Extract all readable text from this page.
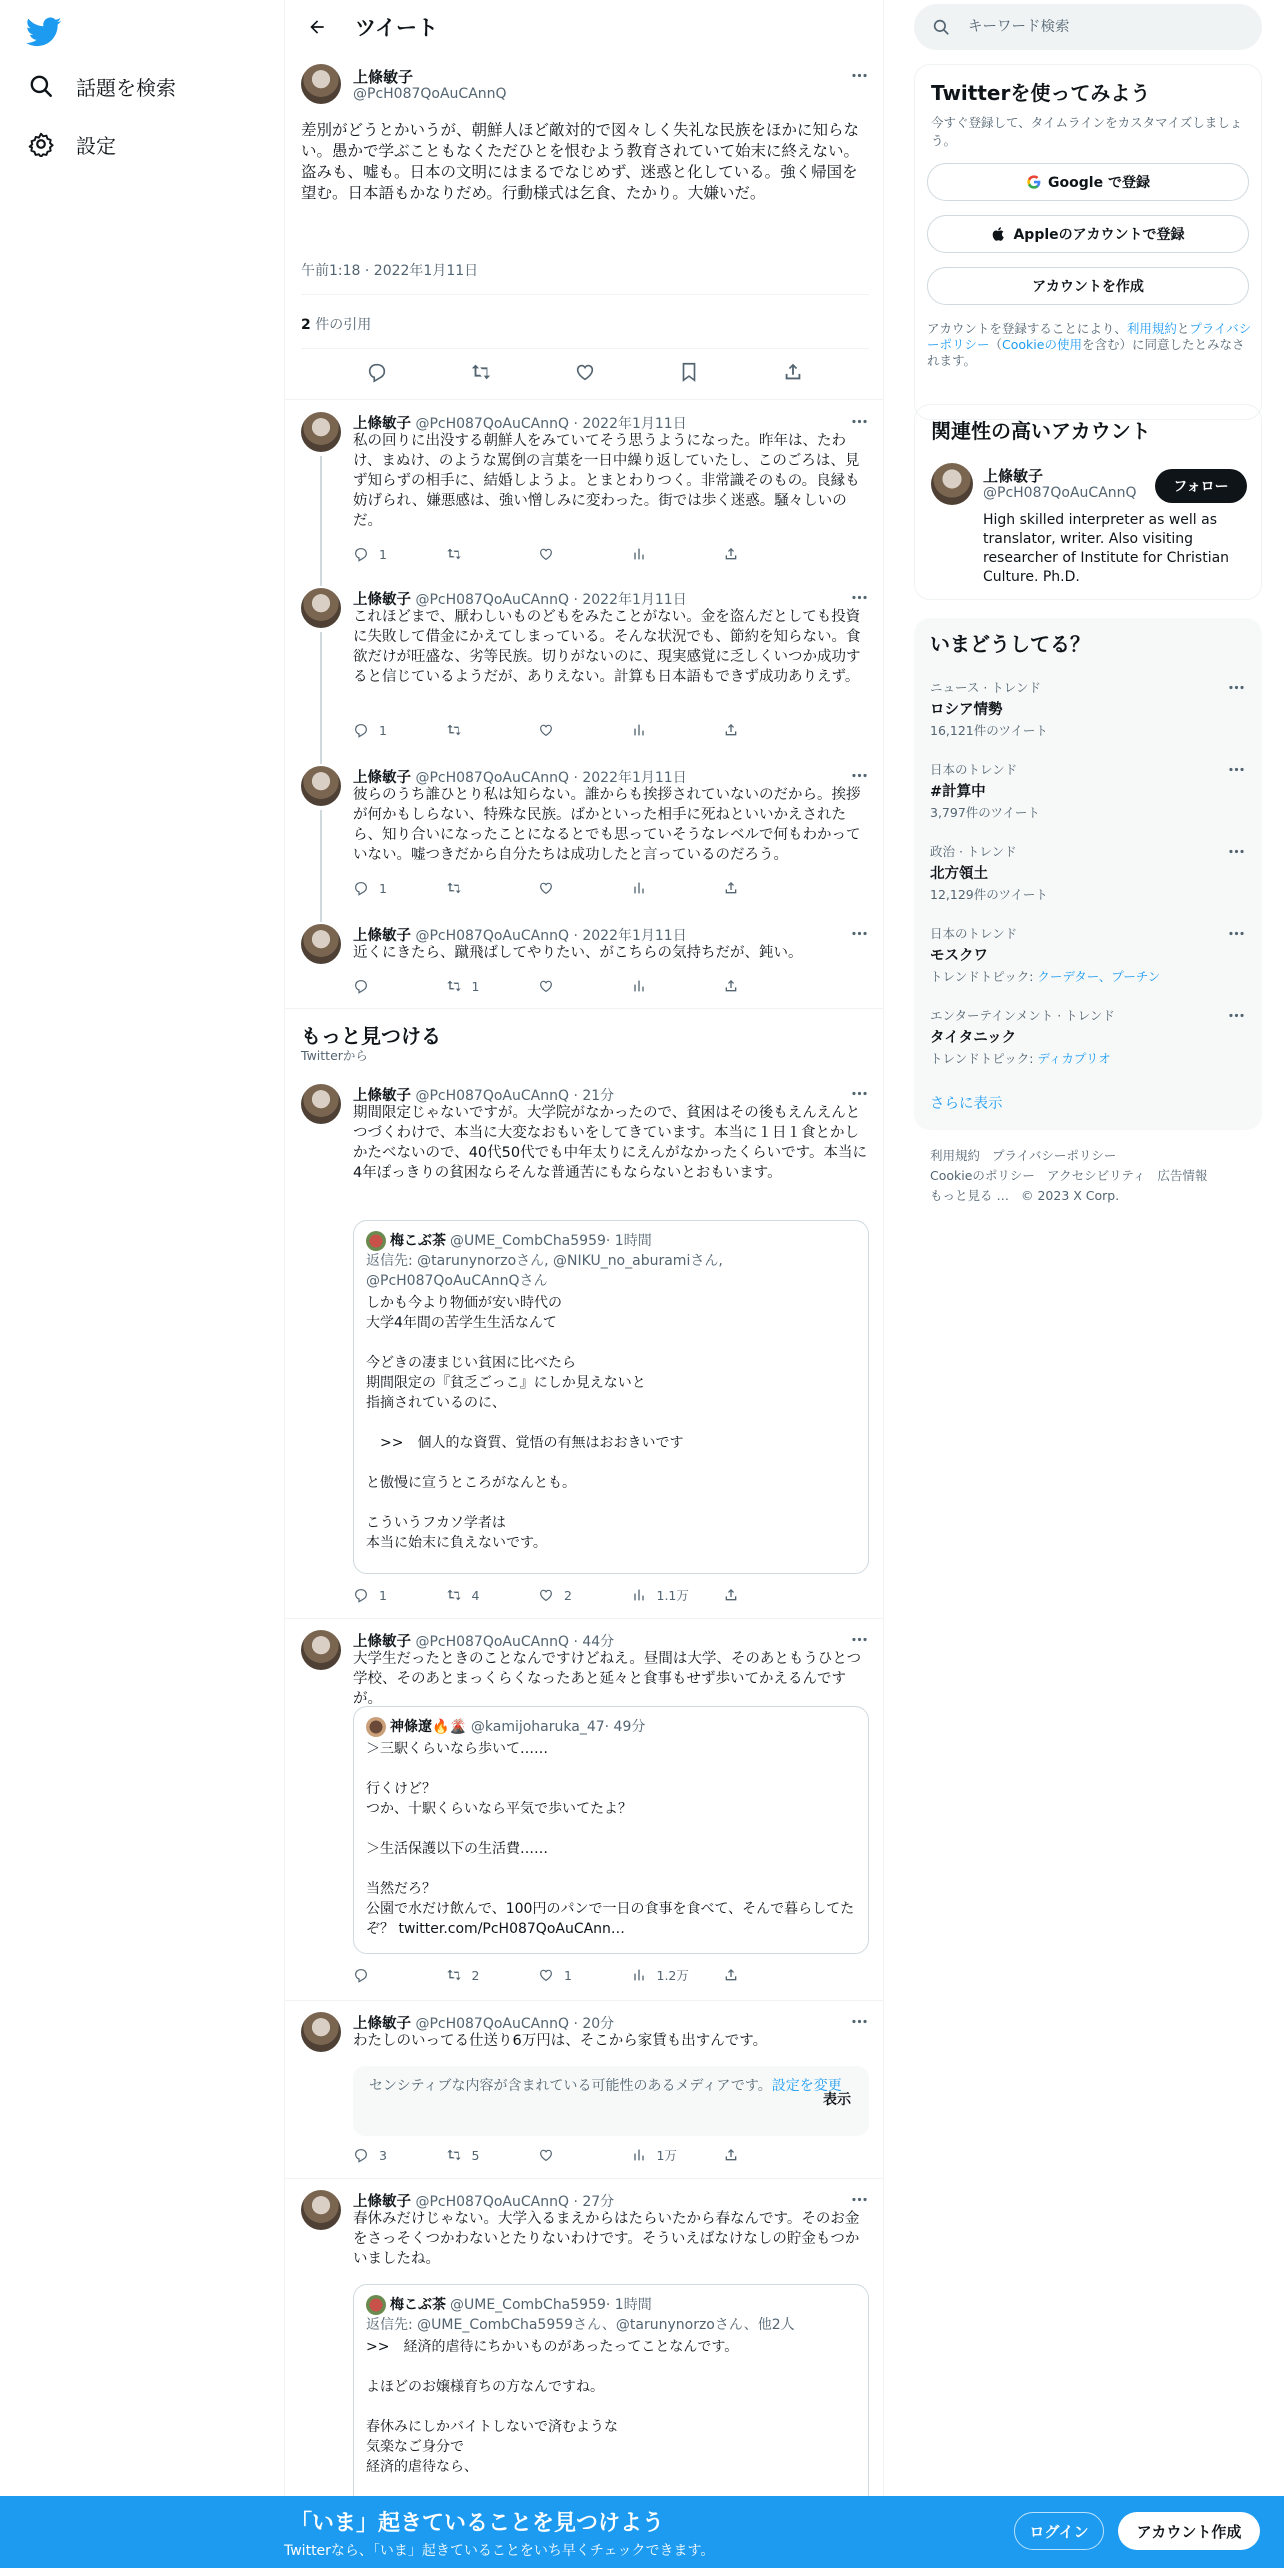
話題を検索
設定
ツイート
上條敏子
@PcH087QoAuCAnnQ
差別がどうとかいうが、朝鮮人ほど敵対的で図々しく失礼な民族をほかに知らない。愚かで学ぶこともなくただひとを恨むよう教育されていて始末に終えない。盗みも、嘘も。日本の文明にはまるでなじめず、迷惑と化している。強く帰国を望む。日本語もかなりだめ。行動様式は乞食、たかり。大嫌いだ。
午前1:18 · 2022年1月11日
2 件の引用
上條敏子 @PcH087QoAuCAnnQ · 2022年1月11日
私の回りに出没する朝鮮人をみていてそう思うようになった。昨年は、たわけ、まぬけ、のような罵倒の言葉を一日中繰り返していたし、このごろは、見ず知らずの相手に、結婚しようよ。とまとわりつく。非常識そのもの。良縁も妨げられ、嫌悪感は、強い憎しみに変わった。街では歩く迷惑。騒々しいのだ。
1
上條敏子 @PcH087QoAuCAnnQ · 2022年1月11日
これほどまで、厭わしいものどもをみたことがない。金を盗んだとしても投資に失敗して借金にかえてしまっている。そんな状況でも、節約を知らない。食欲だけが旺盛な、劣等民族。切りがないのに、現実感覚に乏しくいつか成功すると信じているようだが、ありえない。計算も日本語もできず成功ありえず。
1
上條敏子 @PcH087QoAuCAnnQ · 2022年1月11日
彼らのうち誰ひとり私は知らない。誰からも挨拶されていないのだから。挨拶が何かもしらない、特殊な民族。ばかといった相手に死ねといいかえされたら、知り合いになったことになるとでも思っていそうなレベルで何もわかっていない。嘘つきだから自分たちは成功したと言っているのだろう。
1
上條敏子 @PcH087QoAuCAnnQ · 2022年1月11日
近くにきたら、蹴飛ばしてやりたい、がこちらの気持ちだが、鈍い。
1
もっと見つける
Twitterから
上條敏子 @PcH087QoAuCAnnQ · 21分
期間限定じゃないですが。大学院がなかったので、貧困はその後もえんえんとつづくわけで、本当に大変なおもいをしてきています。本当に１日１食とかしかたべないので、40代50代でも中年太りにえんがなかったくらいです。本当に4年ぽっきりの貧困ならそんな普通苦にもならないとおもいます。
梅こぶ茶 @UME_CombCha5959 · 1時間
返信先: @tarunynorzoさん, @NIKU_no_aburamiさん, @PcH087QoAuCAnnQさん
しかも今より物価が安い時代の
大学4年間の苦学生生活なんて

今どきの凄まじい貧困に比べたら
期間限定の『貧乏ごっこ』にしか見えないと
指摘されているのに、

　>>　個人的な資質、覚悟の有無はおおきいです

と傲慢に宣うところがなんとも。

こういうフカソ学者は
本当に始末に負えないです。
1	4	2	1.1万
上條敏子 @PcH087QoAuCAnnQ · 44分
大学生だったときのことなんですけどねえ。昼間は大学、そのあともうひとつ学校、そのあとまっくらくなったあと延々と食事もせず歩いてかえるんですが。
神條遼🔥🌋 @kamijoharuka_47 · 49分
＞三駅くらいなら歩いて……

行くけど？
つか、十駅くらいなら平気で歩いてたよ？

＞生活保護以下の生活費……

当然だろ？
公園で水だけ飲んで、100円のパンで一日の食事を食べて、そんで暮らしてたぞ？ twitter.com/PcH087QoAuCAnn…
2	1	1.2万
上條敏子 @PcH087QoAuCAnnQ · 20分
わたしのいってる仕送り6万円は、そこから家賃も出すんです。
センシティブな内容が含まれている可能性のあるメディアです。設定を変更
表示
3	5	1万
上條敏子 @PcH087QoAuCAnnQ · 27分
春休みだけじゃない。大学入るまえからはたらいたから春なんです。そのお金をさっそくつかわないとたりないわけです。そういえばなけなしの貯金もつかいましたね。
梅こぶ茶 @UME_CombCha5959 · 1時間
返信先: @UME_CombCha5959さん、@tarunynorzoさん、他2人
>>　経済的虐待にちかいものがあったってことなんです。

よほどのお嬢様育ちの方なんですね。

春休みにしかバイトしないで済むような
気楽なご身分で
経済的虐待なら、
キーワード検索
Twitterを使ってみよう
今すぐ登録して、タイムラインをカスタマイズしましょう。
Google で登録
Appleのアカウントで登録
アカウントを作成
アカウントを登録することにより、利用規約とプライバシーポリシー（Cookieの使用を含む）に同意したとみなされます。
関連性の高いアカウント
上條敏子
@PcH087QoAuCAnnQ	フォロー
High skilled interpreter as well as translator, writer. Also visiting researcher of Institute for Christian Culture. Ph.D.
いまどうしてる？
ニュース · トレンド
ロシア情勢
16,121件のツイート
日本のトレンド
#計算中
3,797件のツイート
政治 · トレンド
北方領土
12,129件のツイート
日本のトレンド
モスクワ
トレンドトピック: クーデター、プーチン
エンターテインメント · トレンド
タイタニック
トレンドトピック: ディカプリオ
さらに表示
利用規約 プライバシーポリシー
Cookieのポリシー アクセシビリティ 広告情報
もっと見る … © 2023 X Corp.
「いま」起きていることを見つけよう
Twitterなら、「いま」起きていることをいち早くチェックできます。
ログイン	アカウント作成
